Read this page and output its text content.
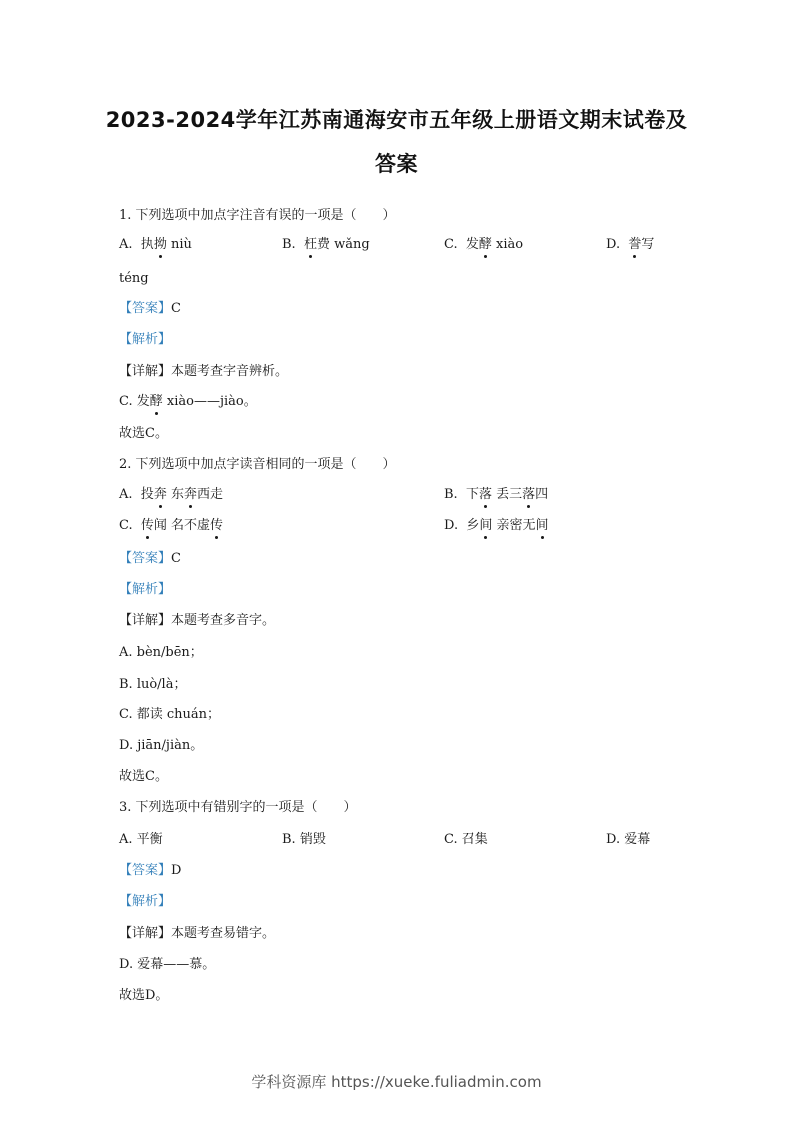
2023-2024学年江苏南通海安市五年级上册语文期末试卷及
答案
1. 下列选项中加点字注音有误的一项是（　　）
A. 执拗 niù	B. 枉费 wǎng	C. 发酵 xiào	D. 誊写
téng
【答案】C
【解析】
【详解】本题考查字音辨析。
C. 发酵 xiào——jiào。
故选C。
2. 下列选项中加点字读音相同的一项是（　　）
A. 投奔 东奔西走	B. 下落 丢三落四
C. 传闻 名不虚传	D. 乡间 亲密无间
【答案】C
【解析】
【详解】本题考查多音字。
A. bèn/bēn；
B. luò/là；
C. 都读 chuán；
D. jiān/jiàn。
故选C。
3. 下列选项中有错别字的一项是（　　）
A. 平衡	B. 销毁	C. 召集	D. 爱幕
【答案】D
【解析】
【详解】本题考查易错字。
D. 爱幕——慕。
故选D。
学科资源库 https://xueke.fuliadmin.com
